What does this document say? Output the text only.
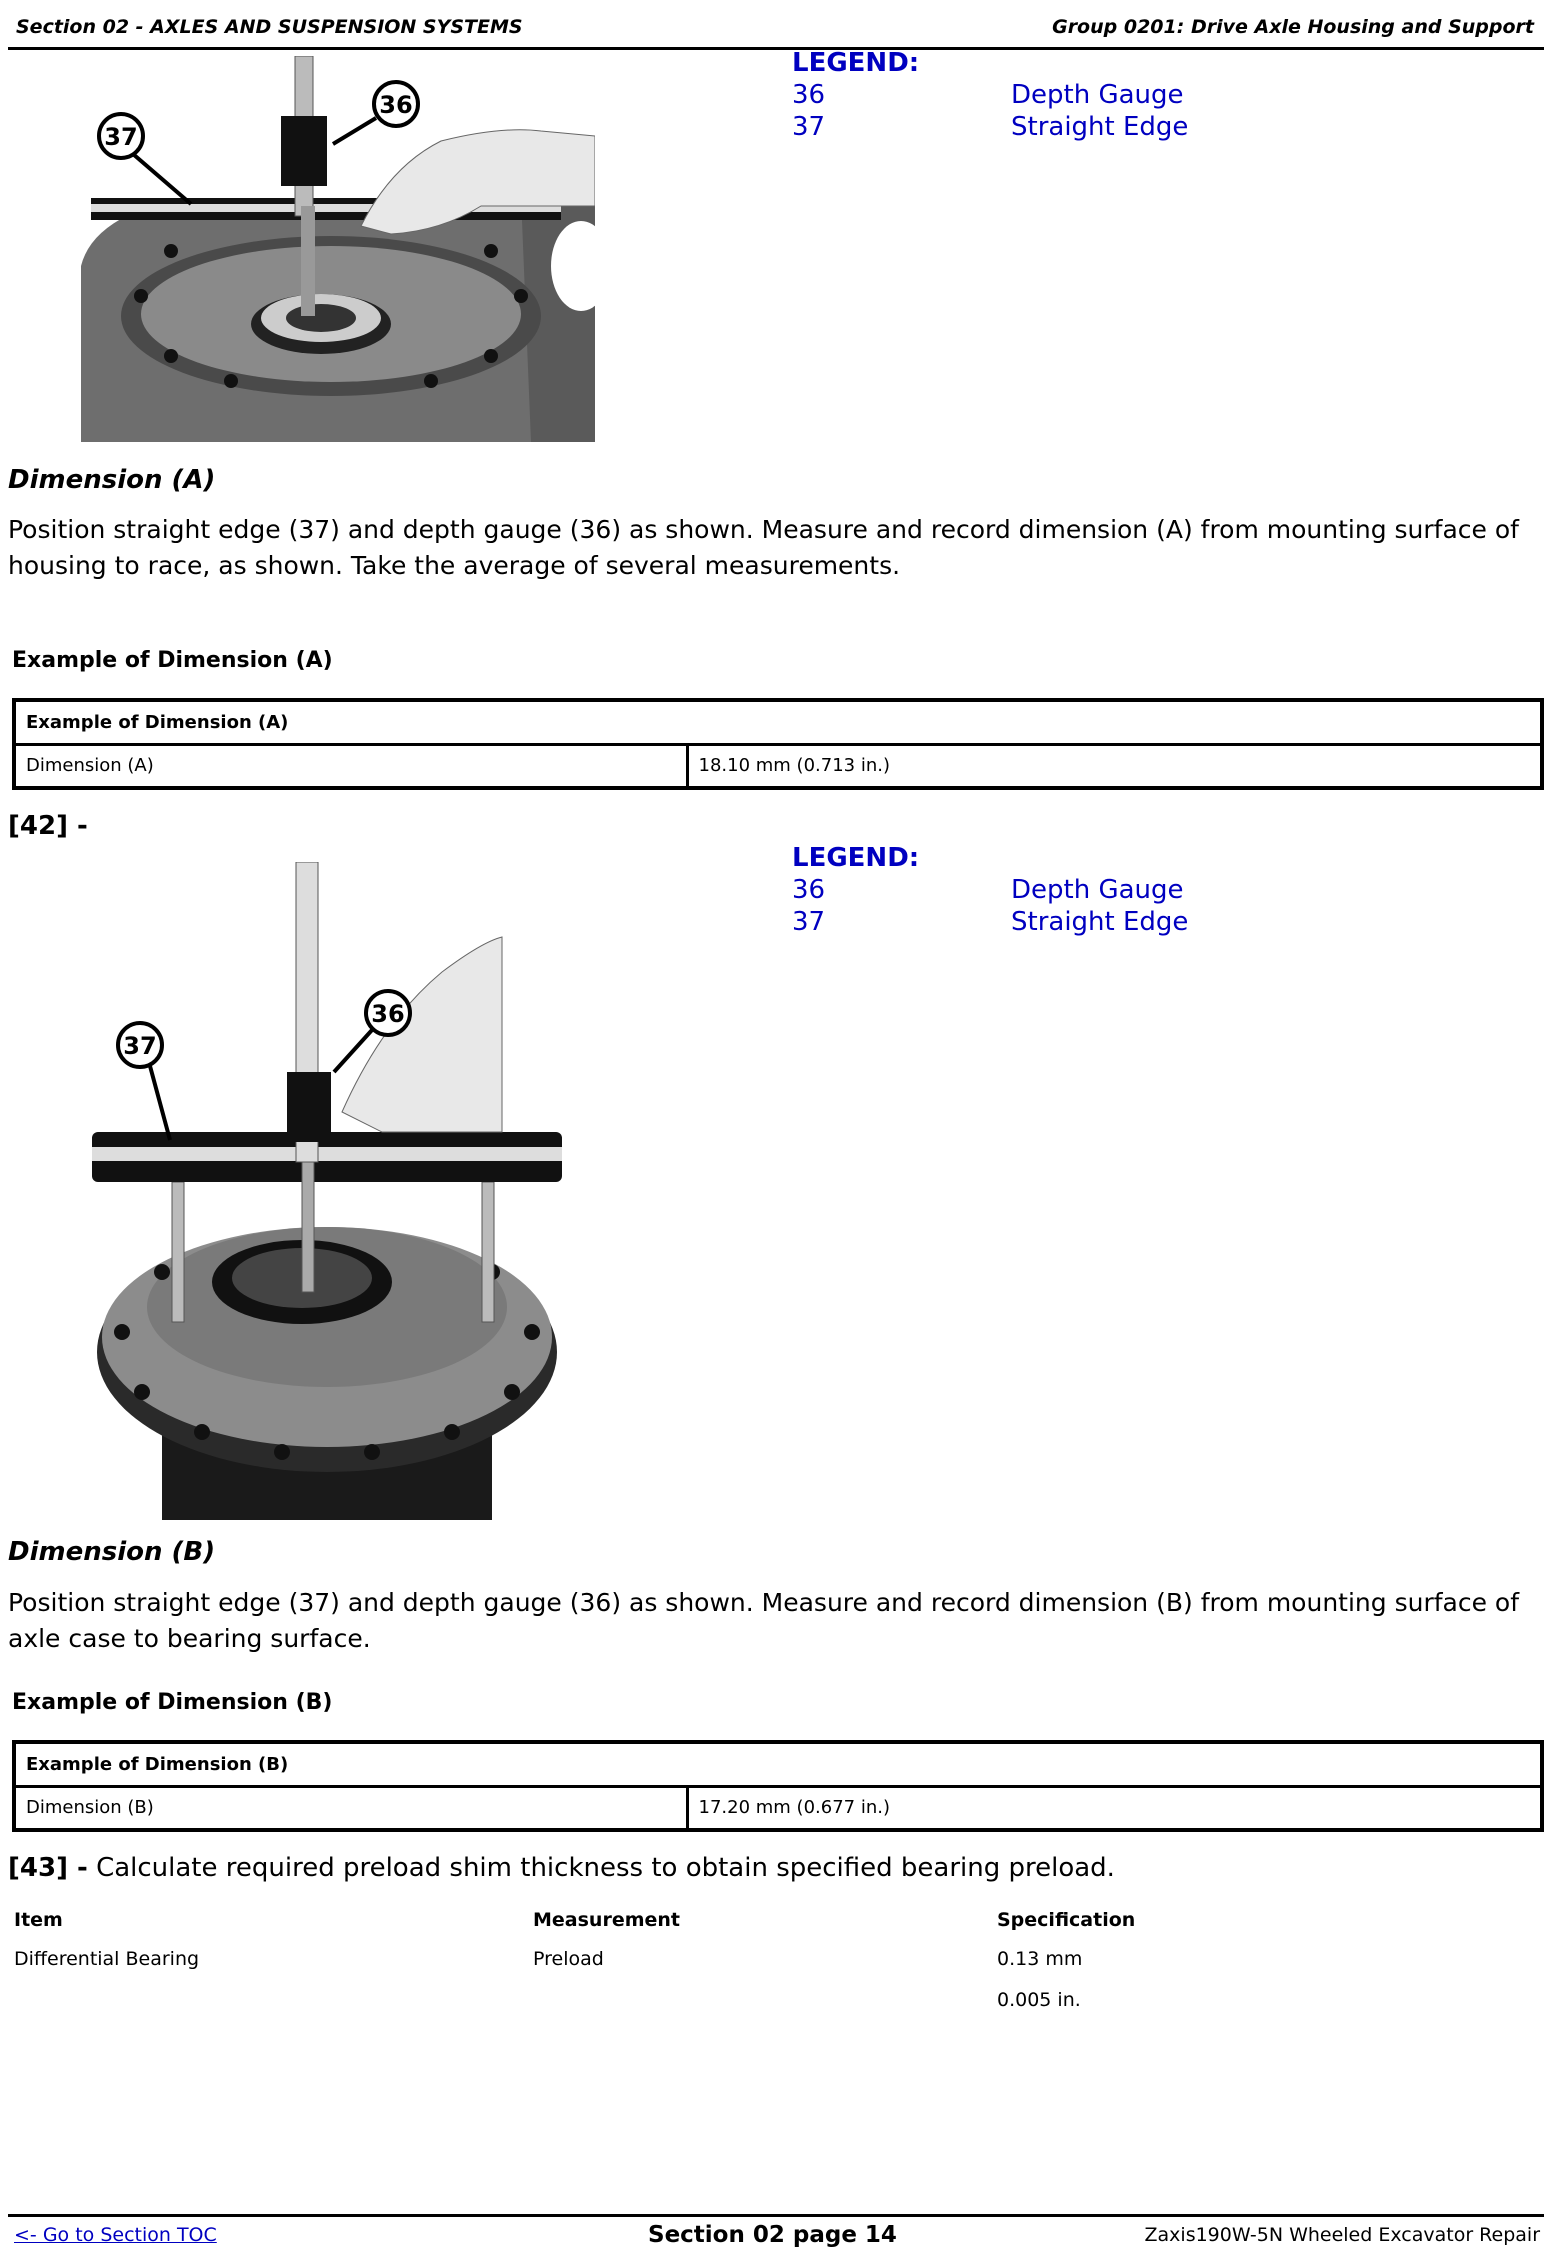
Section 02 - AXLES AND SUSPENSION SYSTEMS	Group 0201: Drive Axle Housing and Support
37
36
LEGEND:
36	Depth Gauge
37	Straight Edge
Dimension (A)
Position straight edge (37) and depth gauge (36) as shown. Measure and record dimension (A) from mounting surface of housing to race, as shown. Take the average of several measurements.
Example of Dimension (A)
Example of Dimension (A)
Dimension (A)	18.10 mm (0.713 in.)
[42] -
37
36
LEGEND:
36	Depth Gauge
37	Straight Edge
Dimension (B)
Position straight edge (37) and depth gauge (36) as shown. Measure and record dimension (B) from mounting surface of axle case to bearing surface.
Example of Dimension (B)
Example of Dimension (B)
Dimension (B)	17.20 mm (0.677 in.)
[43] - Calculate required preload shim thickness to obtain specified bearing preload.
Item	Measurement	Specification
Differential Bearing	Preload	0.13 mm
0.005 in.
<- Go to Section TOC	Section 02 page 14	Zaxis190W-5N Wheeled Excavator Repair
